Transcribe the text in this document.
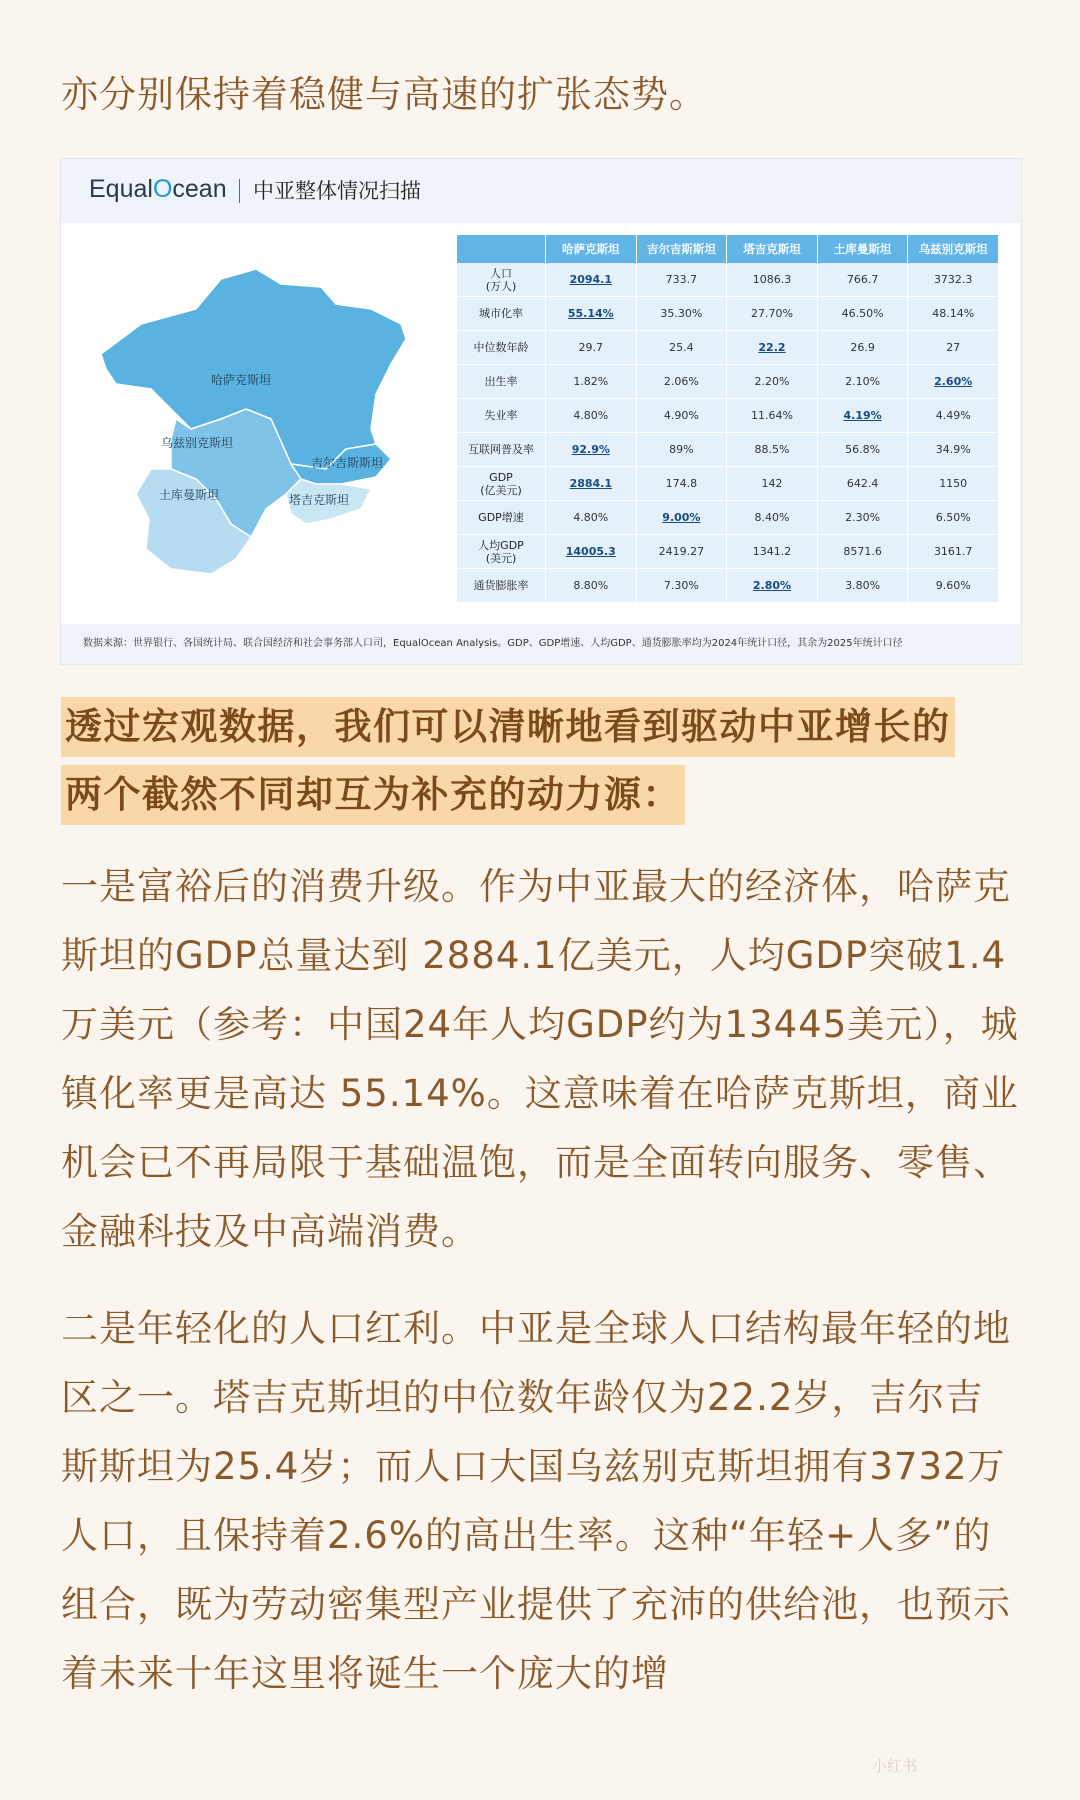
亦分别保持着稳健与高速的扩张态势。

EqualOcean 中亚整体情况扫描
哈萨克斯坦
乌兹别克斯坦
吉尔吉斯斯坦
土库曼斯坦	塔吉克斯坦
	哈萨克斯坦	吉尔吉斯斯坦	塔吉克斯坦	土库曼斯坦	乌兹别克斯坦

人口
(万人)	2094.1	733.7	1086.3	766.7	3732.3

城市化率	55.14%	35.30%	27.70%	46.50%	48.14%

中位数年龄	29.7	25.4	22.2	26.9	27

出生率	1.82%	2.06%	2.20%	2.10%	2.60%

失业率	4.80%	4.90%	11.64%	4.19%	4.49%

互联网普及率	92.9%	89%	88.5%	56.8%	34.9%

GDP
(亿美元)	2884.1	174.8	142	642.4	1150

GDP增速	4.80%	9.00%	8.40%	2.30%	6.50%

人均GDP
(美元)	14005.3	2419.27	1341.2	8571.6	3161.7

通货膨胀率	8.80%	7.30%	2.80%	3.80%	9.60%
数据来源：世界银行、各国统计局、联合国经济和社会事务部人口司，EqualOcean Analysis。GDP、GDP增速、人均GDP、通货膨胀率均为2024年统计口径，其余为2025年统计口径

透过宏观数据，我们可以清晰地看到驱动中亚增长的

两个截然不同却互为补充的动力源：

一是富裕后的消费升级。作为中亚最大的经济体，哈萨克斯坦的GDP总量达到 2884.1亿美元，人均GDP突破1.4万美元（参考：中国24年人均GDP约为13445美元），城镇化率更是高达 55.14%。这意味着在哈萨克斯坦，商业机会已不再局限于基础温饱，而是全面转向服务、零售、金融科技及中高端消费。

二是年轻化的人口红利。中亚是全球人口结构最年轻的地区之一。塔吉克斯坦的中位数年龄仅为22.2岁，吉尔吉斯斯坦为25.4岁；而人口大国乌兹别克斯坦拥有3732万人口，且保持着2.6%的高出生率。这种“年轻+人多”的组合，既为劳动密集型产业提供了充沛的供给池，也预示着未来十年这里将诞生一个庞大的增

小红书
